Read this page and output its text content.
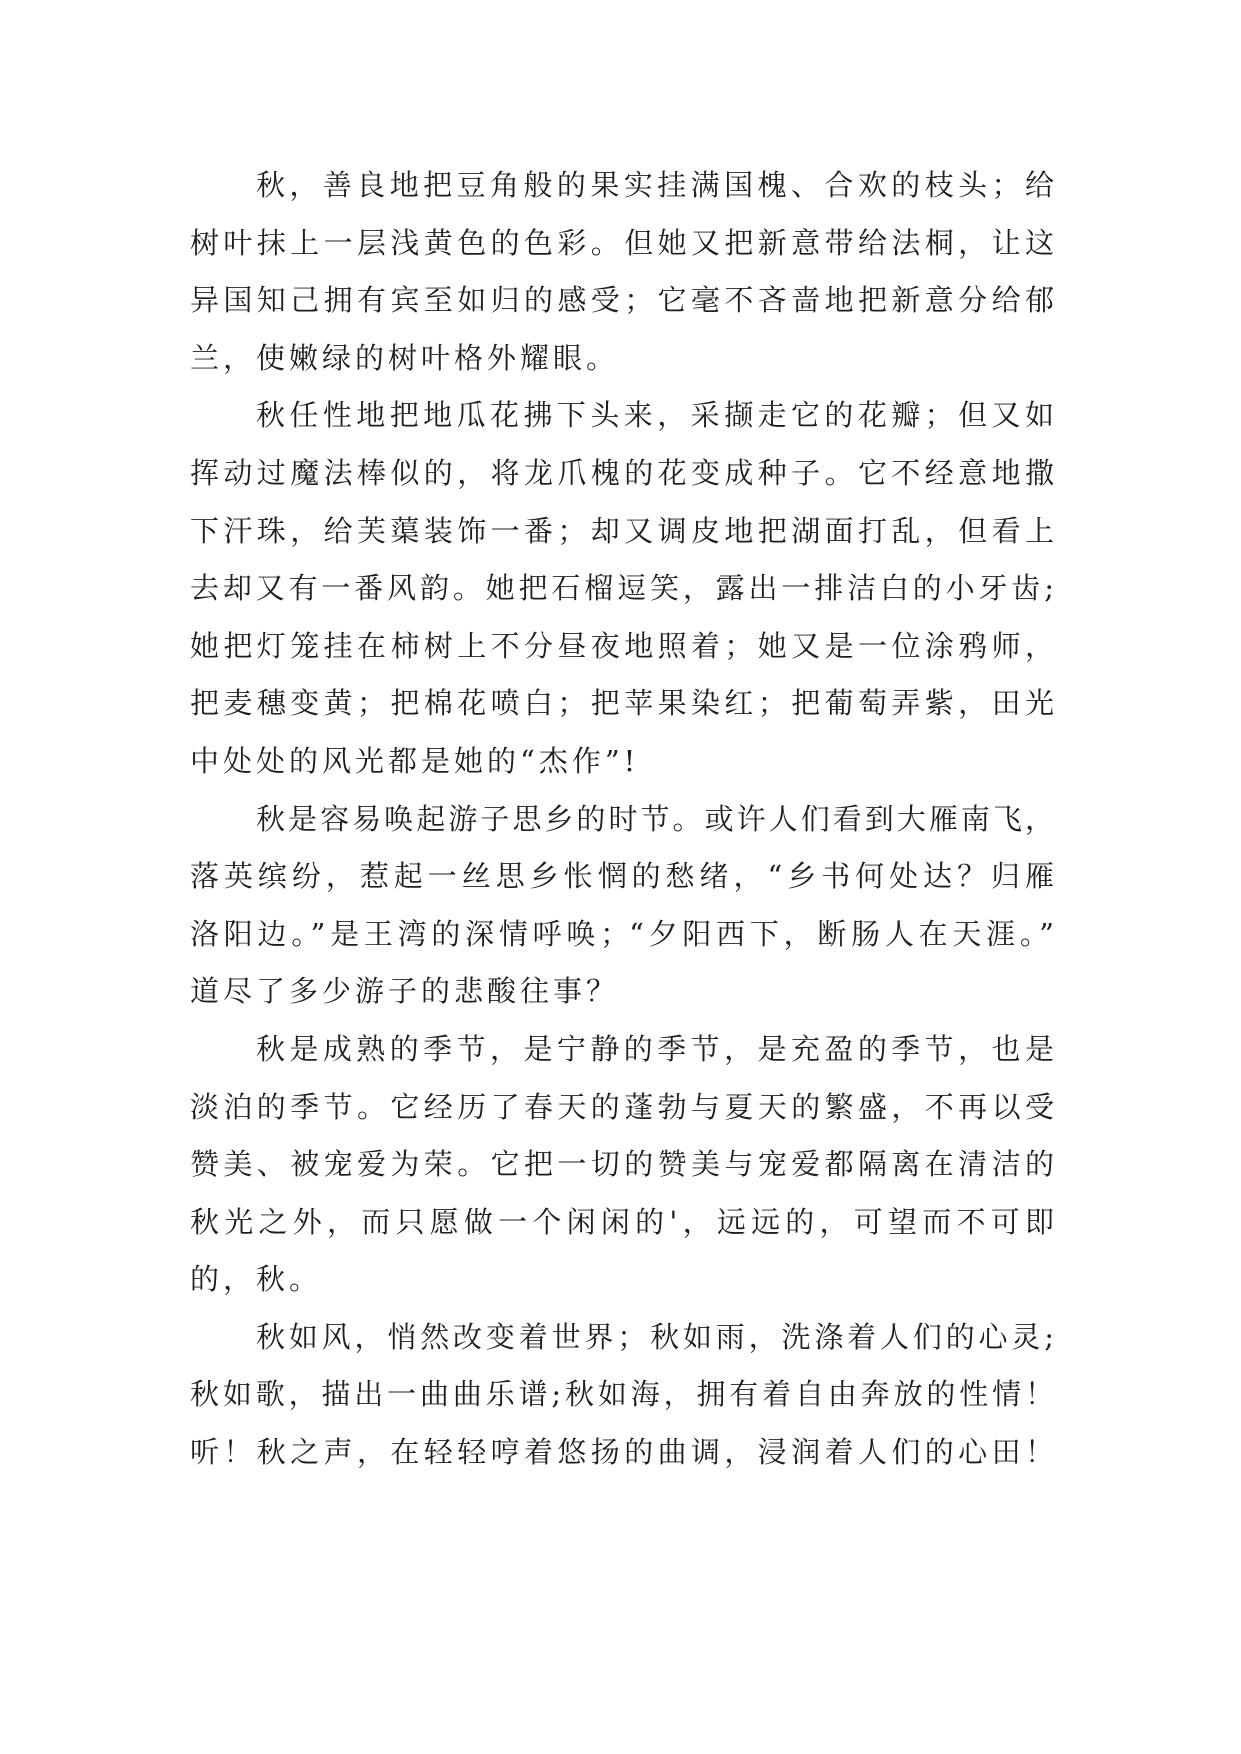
秋，善良地把豆角般的果实挂满国槐、合欢的枝头；给
树叶抹上一层浅黄色的色彩。但她又把新意带给法桐，让这
异国知己拥有宾至如归的感受；它毫不吝啬地把新意分给郁
兰，使嫩绿的树叶格外耀眼。
秋任性地把地瓜花拂下头来，采撷走它的花瓣；但又如
挥动过魔法棒似的，将龙爪槐的花变成种子。它不经意地撒
下汗珠，给芙蕖装饰一番；却又调皮地把湖面打乱，但看上
去却又有一番风韵。她把石榴逗笑，露出一排洁白的小牙齿;
她把灯笼挂在柿树上不分昼夜地照着；她又是一位涂鸦师，
把麦穗变黄；把棉花喷白；把苹果染红；把葡萄弄紫，田光
中处处的风光都是她的“杰作”!
秋是容易唤起游子思乡的时节。或许人们看到大雁南飞，
落英缤纷，惹起一丝思乡怅惘的愁绪，“乡书何处达？归雁
洛阳边。”是王湾的深情呼唤；“夕阳西下，断肠人在天涯。”
道尽了多少游子的悲酸往事？
秋是成熟的季节，是宁静的季节，是充盈的季节，也是
淡泊的季节。它经历了春天的蓬勃与夏天的繁盛，不再以受
赞美、被宠爱为荣。它把一切的赞美与宠爱都隔离在清洁的
秋光之外，而只愿做一个闲闲的'，远远的，可望而不可即
的，秋。
秋如风，悄然改变着世界；秋如雨，洗涤着人们的心灵;
秋如歌，描出一曲曲乐谱;秋如海，拥有着自由奔放的性情！
听！秋之声，在轻轻哼着悠扬的曲调，浸润着人们的心田！
